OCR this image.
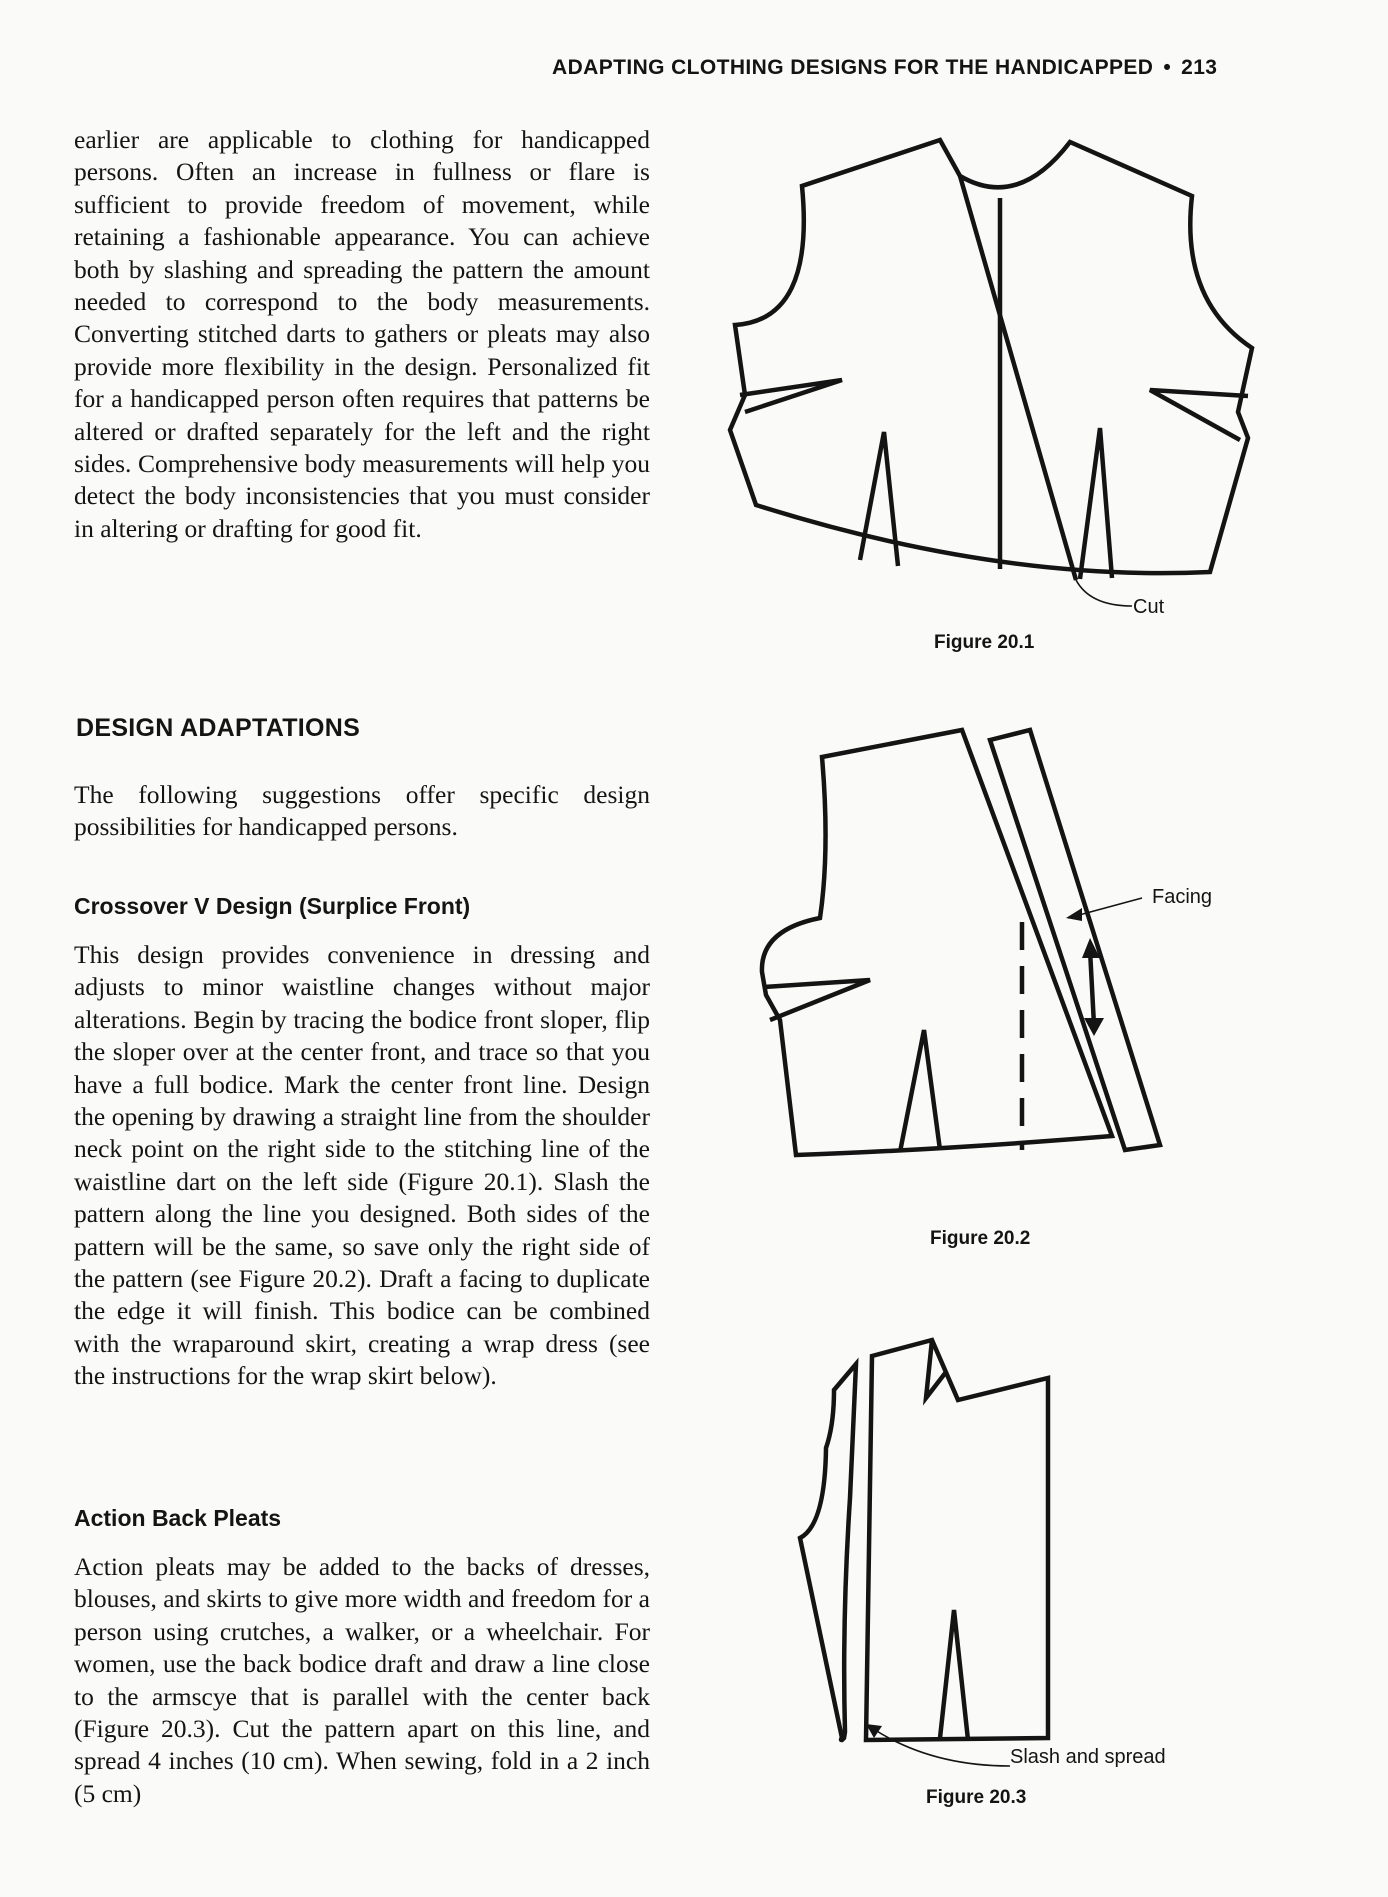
ADAPTING CLOTHING DESIGNS FOR THE HANDICAPPED • 213

earlier are applicable to clothing for handicapped persons. Often an increase in fullness or flare is sufficient to provide freedom of movement, while retaining a fashionable appearance. You can achieve both by slashing and spreading the pattern the amount needed to correspond to the body measurements. Converting stitched darts to gathers or pleats may also provide more flexibility in the design. Personalized fit for a handicapped person often requires that patterns be altered or drafted separately for the left and the right sides. Comprehensive body measurements will help you detect the body inconsistencies that you must consider in altering or drafting for good fit.

DESIGN ADAPTATIONS

The following suggestions offer specific design possibilities for handicapped persons.

Crossover V Design (Surplice Front)

This design provides convenience in dressing and adjusts to minor waistline changes without major alterations. Begin by tracing the bodice front sloper, flip the sloper over at the center front, and trace so that you have a full bodice. Mark the center front line. Design the opening by drawing a straight line from the shoulder neck point on the right side to the stitching line of the waistline dart on the left side (Figure 20.1). Slash the pattern along the line you designed. Both sides of the pattern will be the same, so save only the right side of the pattern (see Figure 20.2). Draft a facing to duplicate the edge it will finish. This bodice can be combined with the wraparound skirt, creating a wrap dress (see the instructions for the wrap skirt below).

Action Back Pleats

Action pleats may be added to the backs of dresses, blouses, and skirts to give more width and freedom for a person using crutches, a walker, or a wheelchair. For women, use the back bodice draft and draw a line close to the armscye that is parallel with the center back (Figure 20.3). Cut the pattern apart on this line, and spread 4 inches (10 cm). When sewing, fold in a 2 inch (5 cm)

Cut
Figure 20.1
Facing
Figure 20.2
Slash and spread
Figure 20.3
